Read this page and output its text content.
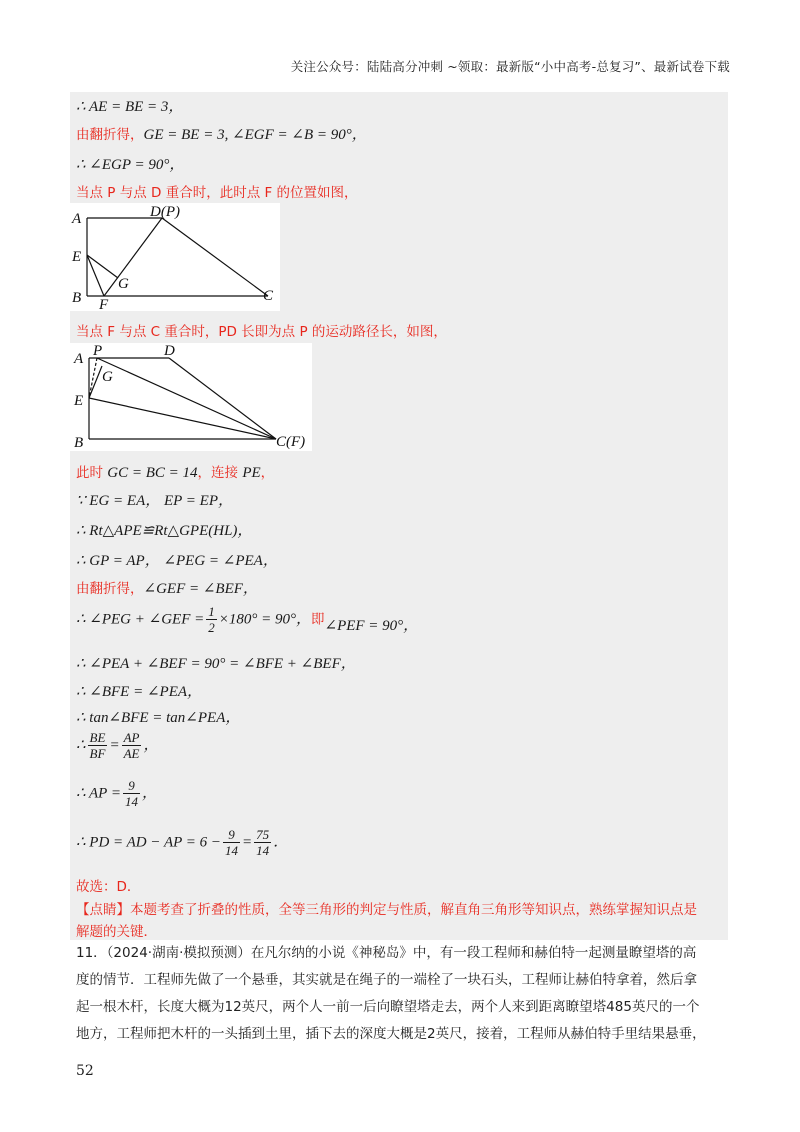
关注公众号：陆陆高分冲刺 ~领取：最新版“小中高考-总复习”、最新试卷下载
∴ AE = BE = 3，
由翻折得，GE = BE = 3, ∠EGF = ∠B = 90°，
∴ ∠EGP = 90°，
当点 P 与点 D 重合时，此时点 F 的位置如图，
A	D(P)
E
G
B F
C
当点 F 与点 C 重合时，PD 长即为点 P 的运动路径长，如图，
A P	D
G
E
B	C(F)
此时 GC = BC = 14，连接 PE，
∵ EG = EA， EP = EP，
∴ Rt△APE≌Rt△GPE(HL)，
∴ GP = AP， ∠PEG = ∠PEA，
由翻折得，∠GEF = ∠BEF，
∴ ∠PEG + ∠GEF = $\frac{1}{2} \times 180^\circ = 90^\circ$，即∠PEF = 90°，
∴ ∠PEA + ∠BEF = 90° = ∠BFE + ∠BEF，
∴ ∠BFE = ∠PEA，
∴ tan∠BFE = tan∠PEA，
∴ $\frac{BE}{BF} = \frac{AP}{AE}$ ，
∴ AP = $\frac{9}{14}$ ，
∴ PD = AD − AP = $6 - \frac{9}{14} = \frac{75}{14}$ ．
故选：D．
【点睛】本题考查了折叠的性质，全等三角形的判定与性质，解直角三角形等知识点，熟练掌握知识点是
解题的关键．
11．（2024·湖南·模拟预测）在凡尔纳的小说《神秘岛》中，有一段工程师和赫伯特一起测量瞭望塔的高
度的情节．工程师先做了一个悬垂，其实就是在绳子的一端栓了一块石头，工程师让赫伯特拿着，然后拿
起一根木杆，长度大概为12英尺，两个人一前一后向瞭望塔走去，两个人来到距离瞭望塔485英尺的一个
地方，工程师把木杆的一头插到土里，插下去的深度大概是2英尺，接着，工程师从赫伯特手里结果悬垂，
52
